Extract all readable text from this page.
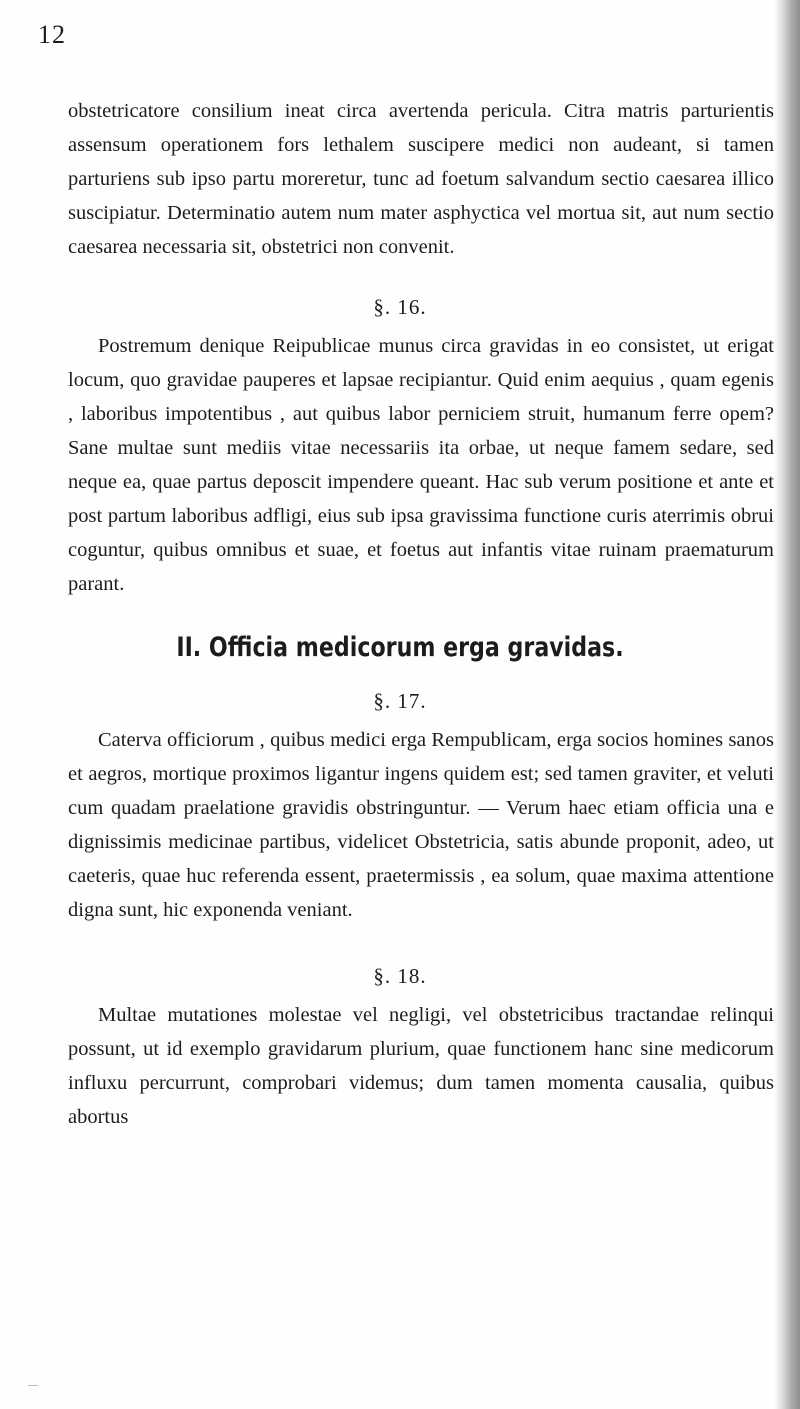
12

obstetricatore consilium ineat circa avertenda pericula. Citra matris parturientis assensum operationem fors lethalem suscipere medici non audeant, si tamen parturiens sub ipso partu moreretur, tunc ad foetum salvandum sectio caesarea illico suscipiatur. Determinatio autem num mater asphyctica vel mortua sit, aut num sectio caesarea necessaria sit, obstetrici non convenit.

§. 16.

Postremum denique Reipublicae munus circa gravidas in eo consistet, ut erigat locum, quo gravidae pauperes et lapsae recipiantur. Quid enim aequius , quam egenis , laboribus impotentibus , aut quibus labor perniciem struit, humanum ferre opem? Sane multae sunt mediis vitae necessariis ita orbae, ut neque famem sedare, sed neque ea, quae partus deposcit impendere queant. Hac sub verum positione et ante et post partum laboribus adfligi, eius sub ipsa gravissima functione curis aterrimis obrui coguntur, quibus omnibus et suae, et foetus aut infantis vitae ruinam praematurum parant.

II. Officia medicorum erga gravidas.
§. 17.

Caterva officiorum , quibus medici erga Rempublicam, erga socios homines sanos et aegros, mortique proximos ligantur ingens quidem est; sed tamen graviter, et veluti cum quadam praelatione gravidis obstringuntur. — Verum haec etiam officia una e dignissimis medicinae partibus, videlicet Obstetricia, satis abunde proponit, adeo, ut caeteris, quae huc referenda essent, praetermissis , ea solum, quae maxima attentione digna sunt, hic exponenda veniant.

§. 18.

Multae mutationes molestae vel negligi, vel obstetricibus tractandae relinqui possunt, ut id exemplo gravidarum plurium, quae functionem hanc sine medicorum influxu percurrunt, comprobari videmus; dum tamen momenta causalia, quibus abortus
